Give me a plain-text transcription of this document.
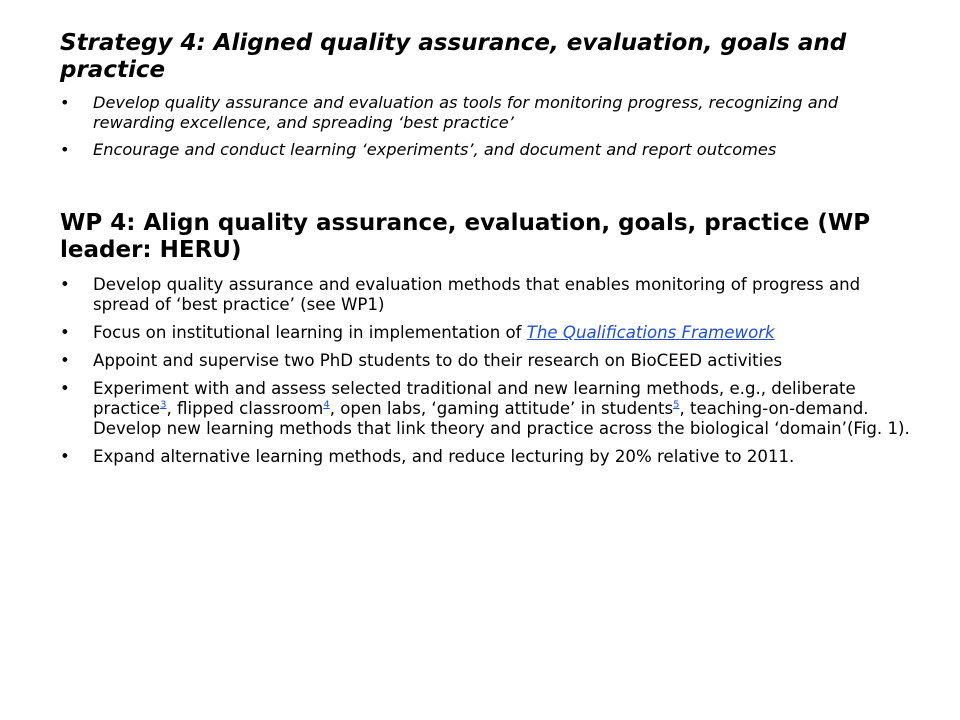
Strategy 4: Aligned quality assurance, evaluation, goals and practice
• Develop quality assurance and evaluation as tools for monitoring progress, recognizing and rewarding excellence, and spreading ‘best practice’
• Encourage and conduct learning ‘experiments’, and document and report outcomes
WP 4: Align quality assurance, evaluation, goals, practice (WP leader: HERU)
• Develop quality assurance and evaluation methods that enables monitoring of progress and spread of ‘best practice’ (see WP1)
• Focus on institutional learning in implementation of The Qualifications Framework
• Appoint and supervise two PhD students to do their research on BioCEED activities
• Experiment with and assess selected traditional and new learning methods, e.g., deliberate practice$^3$, flipped classroom$^4$, open labs, ‘gaming attitude’ in students$^5$, teaching-on-demand. Develop new learning methods that link theory and practice across the biological ‘domain’(Fig. 1).
• Expand alternative learning methods, and reduce lecturing by 20% relative to 2011.
